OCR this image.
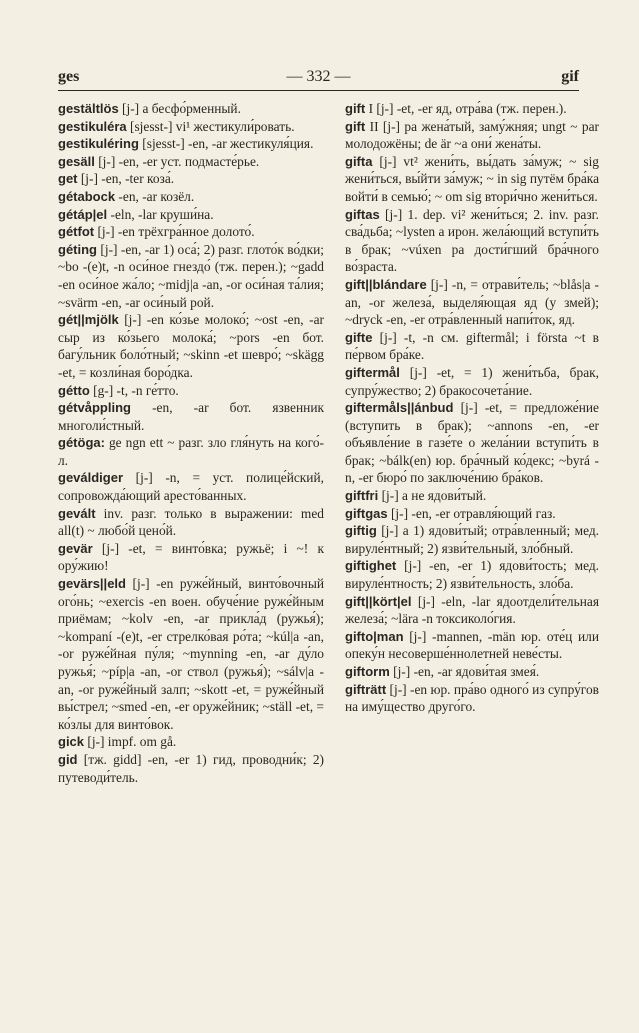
ges	— 332 —	gif

gestältlös [j-] a бесфо́рменный.

gestikuléra [sjesst-] vi¹ жестикули́ровать.

gestikuléring [sjesst-] -en, -ar жестикуля́ция.

gesäll [j-] -en, -er уст. подмасте́рье.

get [j-] -en, -ter коза́.

gétabock -en, -ar козёл.

gétáp|el -eln, -lar круши́на.

gétfot [j-] -en трёхгра́нное долото́.

géting [j-] -en, -ar 1) оса́; 2) разг. глото́к во́дки; ~bo -(e)t, -n оси́ное гнездо́ (тж. перен.); ~gadd -en оси́ное жа́ло; ~midj|a -an, -or оси́ная та́лия; ~svärm -en, -ar оси́ный рой.

gét||mjölk [j-] -en ко́зье молоко́; ~ost -en, -ar сыр из ко́зьего молока́; ~pors -en бот. багу́льник боло́тный; ~skinn -et шевро́; ~skägg -et, = козли́ная боро́дка.

gétto [g-] -t, -n ге́тто.

gétvåppling -en, -ar бот. язвенник многоли́стный.

gétöga: ge ngn ett ~ разг. зло гля́нуть на кого́-л.

geváldiger [j-] -n, = уст. полице́йский, сопровожда́ющий аресто́ванных.

gevált inv. разг. только в выражении: med all(t) ~ любо́й цено́й.

gevär [j-] -et, = винто́вка; ружьё; i ~! к ору́жию!

gevärs||eld [j-] -en руже́йный, винто́вочный ого́нь; ~exercis -en воен. обуче́ние руже́йным приёмам; ~kolv -en, -ar прикла́д (ружья́); ~kompaní -(e)t, -er стрелко́вая ро́та; ~kúl|a -an, -or руже́йная пу́ля; ~mynning -en, -ar ду́ло ружья́; ~píp|a -an, -or ствол (ружья́); ~sálv|a -an, -or руже́йный залп; ~skott -et, = руже́йный вы́стрел; ~smed -en, -er оруже́йник; ~ställ -et, = ко́злы для винто́вок.

gick [j-] impf. om gå.

gid [тж. gidd] -en, -er 1) гид, проводни́к; 2) путеводи́тель.

gift I [j-] -et, -er яд, отра́ва (тж. перен.).

gift II [j-] pa жена́тый, заму́жняя; ungt ~ par молодожёны; de är ~a они́ жена́ты.

gifta [j-] vt² жени́ть, вы́дать за́муж; ~ sig жени́ться, вы́йти за́муж; ~ in sig путём бра́ка войти́ в семью́; ~ om sig втори́чно жени́ться.

giftas [j-] 1. dep. vi² жени́ться; 2. inv. разг. сва́дьба; ~lysten а ирон. жела́ющий вступи́ть в брак; ~vúxen pa дости́гший бра́чного во́зраста.

gift||blándare [j-] -n, = отрави́тель; ~blås|a -an, -or железа́, выделя́ющая яд (у змей); ~dryck -en, -er отра́вленный напи́ток, яд.

gifte [j-] -t, -n см. giftermål; i första ~t в пе́рвом бра́ке.

giftermål [j-] -et, = 1) жени́тьба, брак, супру́жество; 2) бракосочета́ние.

giftermåls||ánbud [j-] -et, = предложе́ние (вступить в брак); ~annons -en, -er объявле́ние в газе́те о жела́нии вступи́ть в брак; ~bálk(en) юр. бра́чный ко́декс; ~byrá -n, -er бюро́ по заключе́нию бра́ков.

giftfri [j-] a не ядови́тый.

giftgas [j-] -en, -er отравля́ющий газ.

giftig [j-] a 1) ядови́тый; отра́вленный; мед. вируле́нтный; 2) язви́тельный, зло́бный.

giftighet [j-] -en, -er 1) ядови́тость; мед. вируле́нтность; 2) язви́тельность, зло́ба.

gift||kört|el [j-] -eln, -lar ядоотдели́тельная железа́; ~lära -n токсиколо́гия.

gifto|man [j-] -mannen, -män юр. оте́ц или опеку́н несоверше́ннолетней неве́сты.

giftorm [j-] -en, -ar ядови́тая змея́.

gifträtt [j-] -en юр. пра́во одного́ из супру́гов на иму́щество друго́го.
